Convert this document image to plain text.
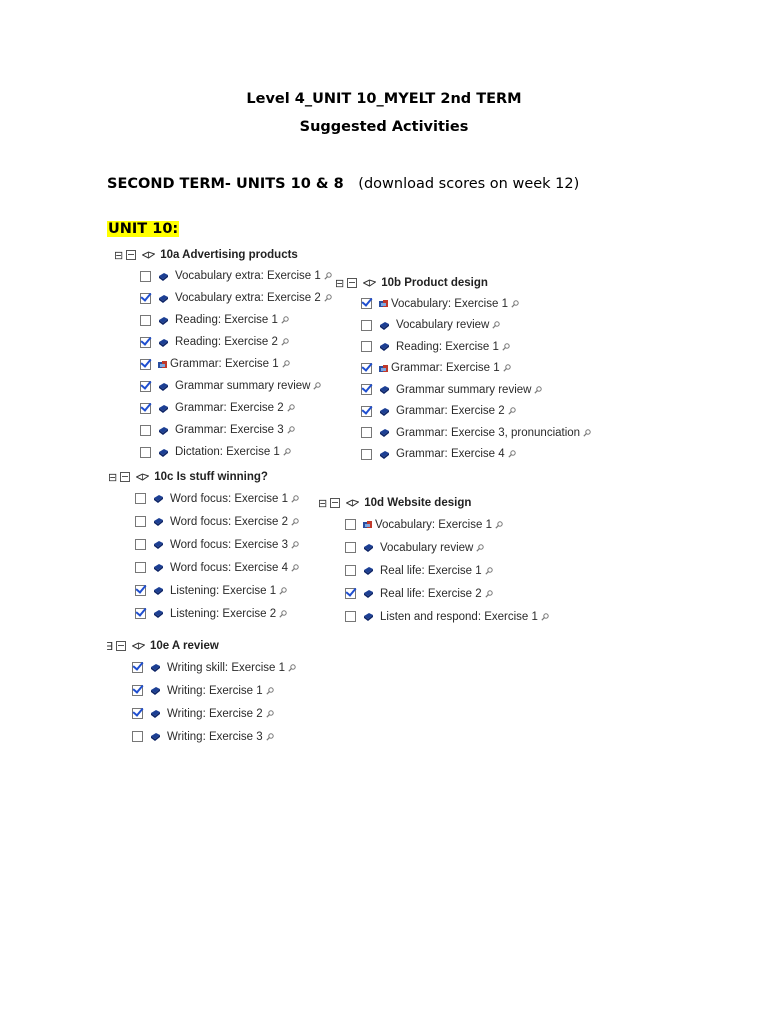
Level 4_UNIT 10_MYELT 2nd TERM
Suggested Activities
SECOND TERM- UNITS 10 & 8 (download scores on week 12)
UNIT 10:
⊟	10a Advertising products
Vocabulary extra: Exercise 1
Vocabulary extra: Exercise 2
Reading: Exercise 1
Reading: Exercise 2
Grammar: Exercise 1
Grammar summary review
Grammar: Exercise 2
Grammar: Exercise 3
Dictation: Exercise 1
⊟	10b Product design
Vocabulary: Exercise 1
Vocabulary review
Reading: Exercise 1
Grammar: Exercise 1
Grammar summary review
Grammar: Exercise 2
Grammar: Exercise 3, pronunciation
Grammar: Exercise 4
⊟	10c Is stuff winning?
Word focus: Exercise 1
Word focus: Exercise 2
Word focus: Exercise 3
Word focus: Exercise 4
Listening: Exercise 1
Listening: Exercise 2
⊟	10d Website design
Vocabulary: Exercise 1
Vocabulary review
Real life: Exercise 1
Real life: Exercise 2
Listen and respond: Exercise 1
∃	10e A review
Writing skill: Exercise 1
Writing: Exercise 1
Writing: Exercise 2
Writing: Exercise 3
